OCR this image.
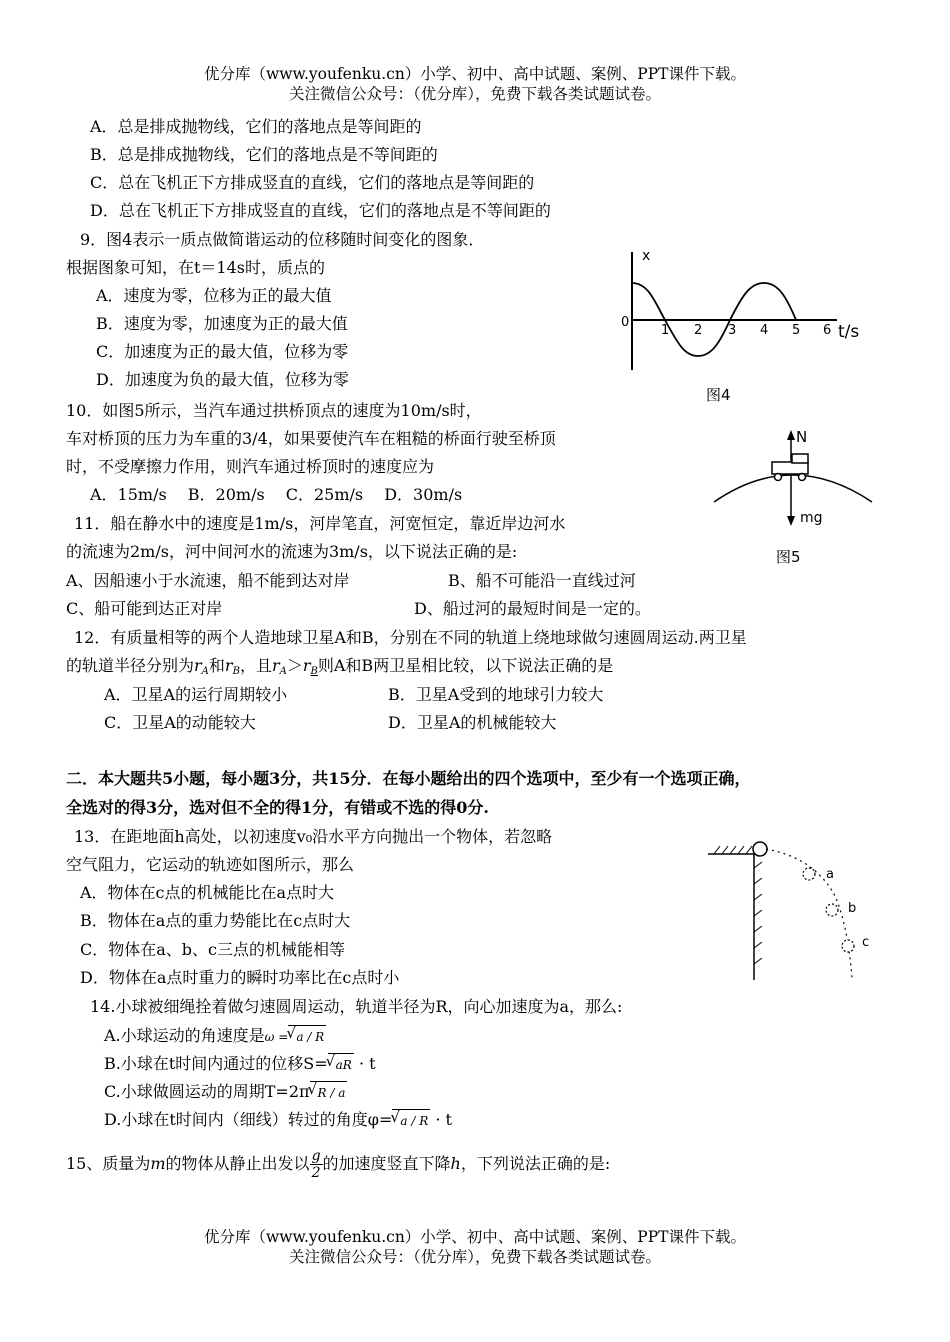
优分库（www.youfenku.cn）小学、初中、高中试题、案例、PPT课件下载。
关注微信公众号：（优分库），免费下载各类试题试卷。
A．总是排成抛物线，它们的落地点是等间距的
B．总是排成抛物线，它们的落地点是不等间距的
C．总在飞机正下方排成竖直的直线，它们的落地点是等间距的
D．总在飞机正下方排成竖直的直线，它们的落地点是不等间距的
9．图4表示一质点做简谐运动的位移随时间变化的图象．
根据图象可知，在t＝14s时，质点的
A．速度为零，位移为正的最大值
B．速度为零，加速度为正的最大值
C．加速度为正的最大值，位移为零
D．加速度为负的最大值，位移为零
x
0	t/s
1 2 3 4 5 6
图4
10．如图5所示，当汽车通过拱桥顶点的速度为10m/s时，
车对桥顶的压力为车重的3/4，如果要使汽车在粗糙的桥面行驶至桥顶
时，不受摩擦力作用，则汽车通过桥顶时的速度应为
A．15m/s　 B．20m/s　 C．25m/s　 D．30m/s
N
mg
图5
11．船在静水中的速度是1m/s，河岸笔直，河宽恒定，靠近岸边河水
的流速为2m/s，河中间河水的流速为3m/s，以下说法正确的是:
A、因船速小于水流速，船不能到达对岸	B、船不可能沿一直线过河
C、船可能到达正对岸	D、船过河的最短时间是一定的。
12．有质量相等的两个人造地球卫星A和B，分别在不同的轨道上绕地球做匀速圆周运动.两卫星
的轨道半径分别为$r_A$和$r_B$，且$r_A>r_B$则A和B两卫星相比较，以下说法正确的是
A．卫星A的运行周期较小	B．卫星A受到的地球引力较大
C．卫星A的动能较大	D．卫星A的机械能较大
二．本大题共5小题，每小题3分，共15分．在每小题给出的四个选项中，至少有一个选项正确，
全选对的得3分，选对但不全的得1分，有错或不选的得0分.
13．在距地面h高处，以初速度v₀沿水平方向抛出一个物体，若忽略
空气阻力，它运动的轨迹如图所示，那么
A．物体在c点的机械能比在a点时大
B．物体在a点的重力势能比在c点时大
C．物体在a、b、c三点的机械能相等
D．物体在a点时重力的瞬时功率比在c点时小
a
b
c
14.小球被细绳拴着做匀速圆周运动，轨道半径为R，向心加速度为a，那么:
A.小球运动的角速度是ω = √ a / R
B.小球在t时间内通过的位移S= √ aR · t
C.小球做圆运动的周期T=2π √ R / a
D.小球在t时间内（细线）转过的角度φ= √ a / R · t
15、质量为m的物体从静止出发以 $\frac{g}{2}$ 的加速度竖直下降h，下列说法正确的是:
优分库（www.youfenku.cn）小学、初中、高中试题、案例、PPT课件下载。
关注微信公众号：（优分库），免费下载各类试题试卷。
